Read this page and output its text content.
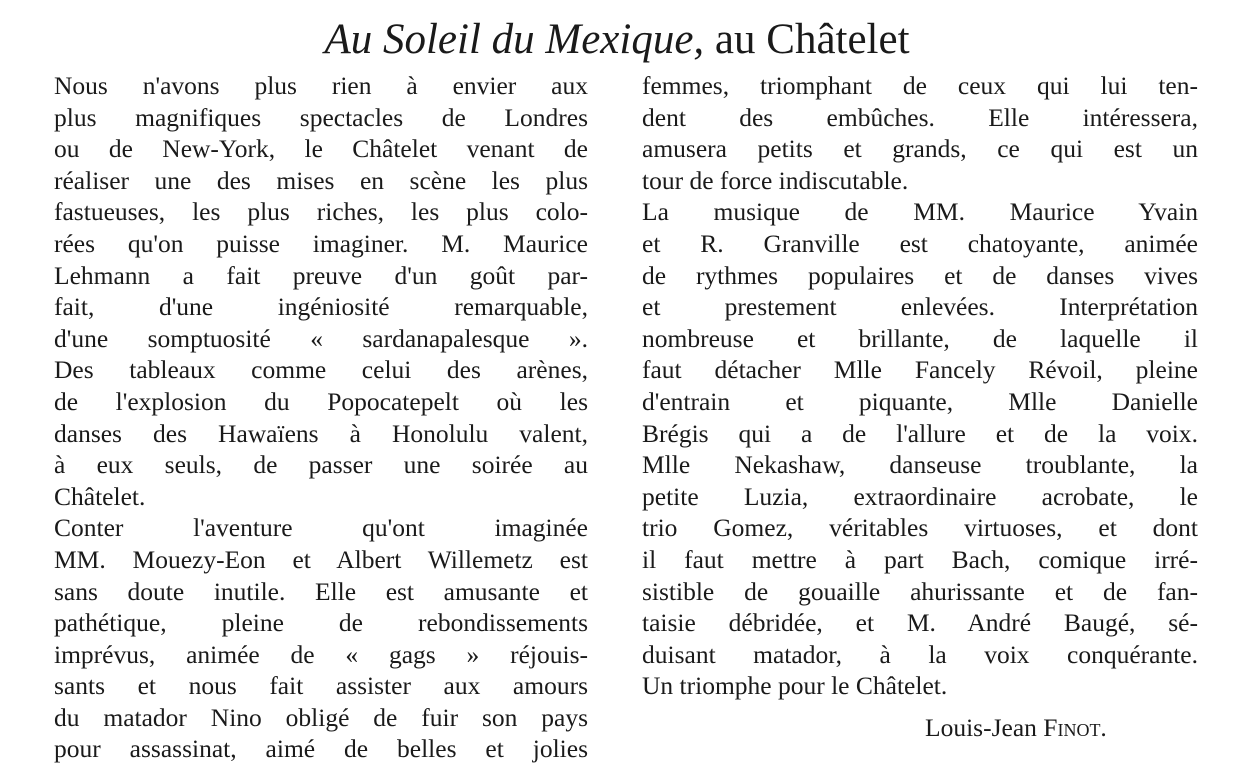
Au Soleil du Mexique, au Châtelet
Nous n'avons plus rien à envier aux
plus magnifiques spectacles de Londres
ou de New-York, le Châtelet venant de
réaliser une des mises en scène les plus
fastueuses, les plus riches, les plus colo-
rées qu'on puisse imaginer. M. Maurice
Lehmann a fait preuve d'un goût par-
fait, d'une ingéniosité remarquable,
d'une somptuosité « sardanapalesque ».
Des tableaux comme celui des arènes,
de l'explosion du Popocatepelt où les
danses des Hawaïens à Honolulu valent,
à eux seuls, de passer une soirée au
Châtelet.
Conter l'aventure qu'ont imaginée
MM. Mouezy-Eon et Albert Willemetz est
sans doute inutile. Elle est amusante et
pathétique, pleine de rebondissements
imprévus, animée de « gags » réjouis-
sants et nous fait assister aux amours
du matador Nino obligé de fuir son pays
pour assassinat, aimé de belles et jolies
femmes, triomphant de ceux qui lui ten-
dent des embûches. Elle intéressera,
amusera petits et grands, ce qui est un
tour de force indiscutable.
La musique de MM. Maurice Yvain
et R. Granville est chatoyante, animée
de rythmes populaires et de danses vives
et prestement enlevées. Interprétation
nombreuse et brillante, de laquelle il
faut détacher Mlle Fancely Révoil, pleine
d'entrain et piquante, Mlle Danielle
Brégis qui a de l'allure et de la voix.
Mlle Nekashaw, danseuse troublante, la
petite Luzia, extraordinaire acrobate, le
trio Gomez, véritables virtuoses, et dont
il faut mettre à part Bach, comique irré-
sistible de gouaille ahurissante et de fan-
taisie débridée, et M. André Baugé, sé-
duisant matador, à la voix conquérante.
Un triomphe pour le Châtelet.
Louis-Jean Finot.
